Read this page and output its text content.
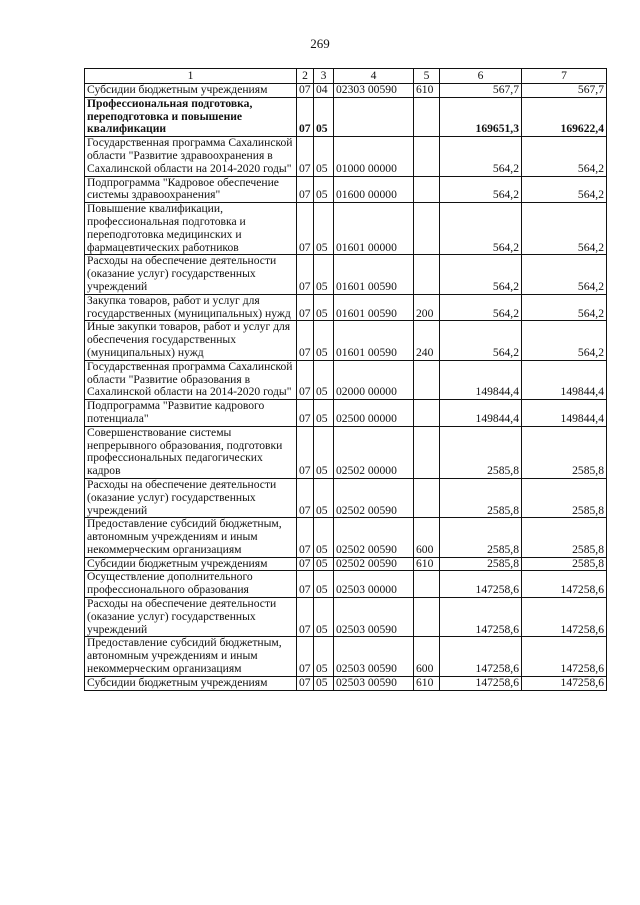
269
1	2	3	4	5	6	7
Субсидии бюджетным учреждениям	07	04	02303 00590	610	567,7	567,7
Профессиональная подготовка, переподготовка и повышение квалификации	07	05			169651,3	169622,4
Государственная программа Сахалинской области "Развитие здравоохранения в Сахалинской области на 2014-2020 годы"	07	05	01000 00000		564,2	564,2
Подпрограмма "Кадровое обеспечение системы здравоохранения"	07	05	01600 00000		564,2	564,2
Повышение квалификации, профессиональная подготовка и переподготовка медицинских и фармацевтических работников	07	05	01601 00000		564,2	564,2
Расходы на обеспечение деятельности (оказание услуг) государственных учреждений	07	05	01601 00590		564,2	564,2
Закупка товаров, работ и услуг для государственных (муниципальных) нужд	07	05	01601 00590	200	564,2	564,2
Иные закупки товаров, работ и услуг для обеспечения государственных (муниципальных) нужд	07	05	01601 00590	240	564,2	564,2
Государственная программа Сахалинской области "Развитие образования в Сахалинской области на 2014-2020 годы"	07	05	02000 00000		149844,4	149844,4
Подпрограмма "Развитие кадрового потенциала"	07	05	02500 00000		149844,4	149844,4
Совершенствование системы непрерывного образования, подготовки профессиональных педагогических кадров	07	05	02502 00000		2585,8	2585,8
Расходы на обеспечение деятельности (оказание услуг) государственных учреждений	07	05	02502 00590		2585,8	2585,8
Предоставление субсидий бюджетным, автономным учреждениям и иным некоммерческим организациям	07	05	02502 00590	600	2585,8	2585,8
Субсидии бюджетным учреждениям	07	05	02502 00590	610	2585,8	2585,8
Осуществление дополнительного профессионального образования	07	05	02503 00000		147258,6	147258,6
Расходы на обеспечение деятельности (оказание услуг) государственных учреждений	07	05	02503 00590		147258,6	147258,6
Предоставление субсидий бюджетным, автономным учреждениям и иным некоммерческим организациям	07	05	02503 00590	600	147258,6	147258,6
Субсидии бюджетным учреждениям	07	05	02503 00590	610	147258,6	147258,6
